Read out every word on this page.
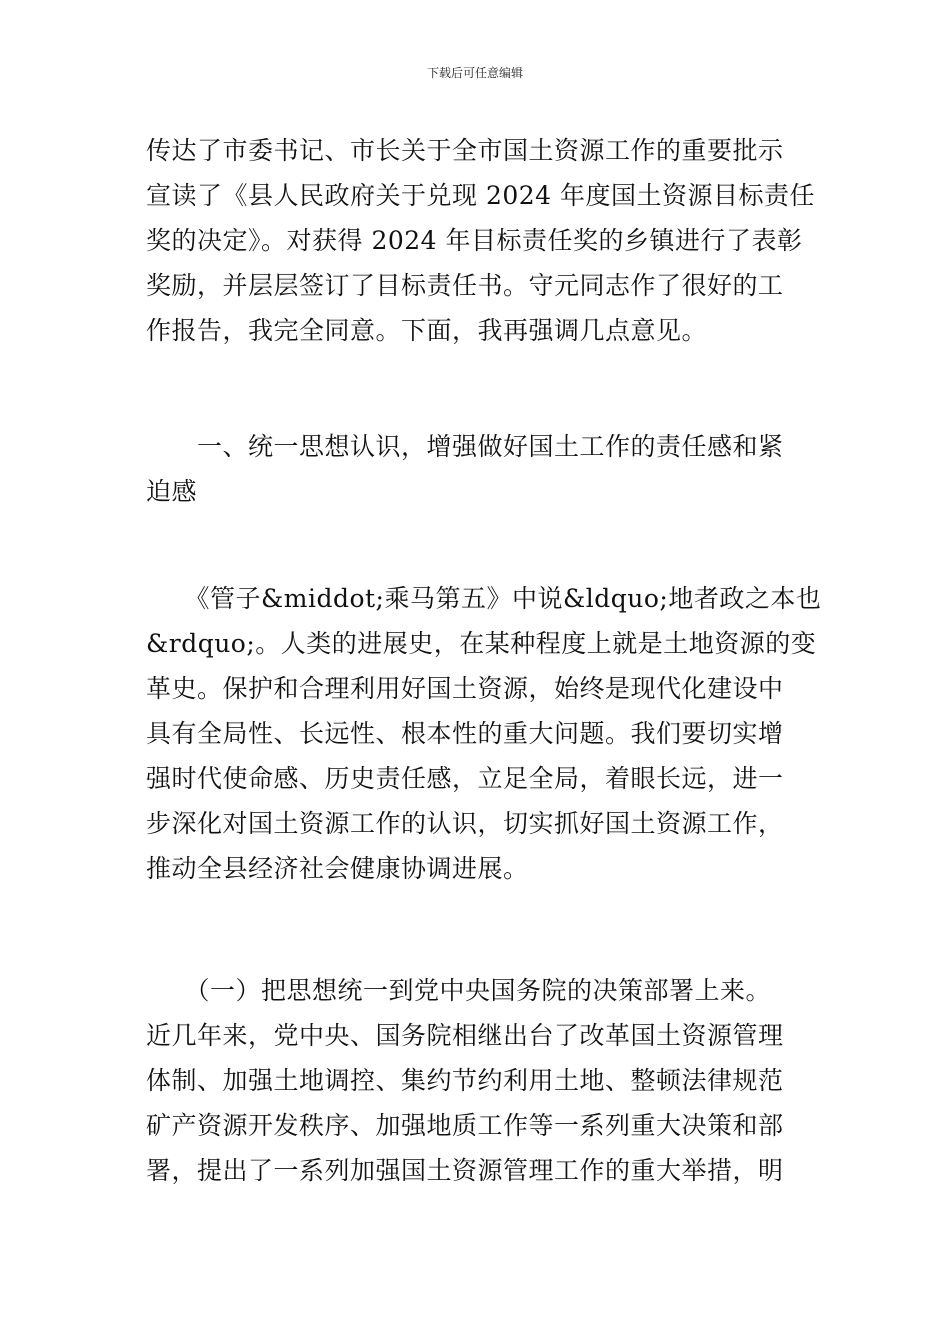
下载后可任意编辑
传达了市委书记、市长关于全市国土资源工作的重要批示
宣读了《县人民政府关于兑现 2024 年度国土资源目标责任
奖的决定》。对获得 2024 年目标责任奖的乡镇进行了表彰
奖励，并层层签订了目标责任书。守元同志作了很好的工
作报告，我完全同意。下面，我再强调几点意见。
　　一、统一思想认识，增强做好国土工作的责任感和紧
迫感
　　《管子&middot;乘马第五》中说&ldquo;地者政之本也
&rdquo;。人类的进展史，在某种程度上就是土地资源的变
革史。保护和合理利用好国土资源，始终是现代化建设中
具有全局性、长远性、根本性的重大问题。我们要切实增
强时代使命感、历史责任感，立足全局，着眼长远，进一
步深化对国土资源工作的认识，切实抓好国土资源工作，
推动全县经济社会健康协调进展。
　　（一）把思想统一到党中央国务院的决策部署上来。
近几年来，党中央、国务院相继出台了改革国土资源管理
体制、加强土地调控、集约节约利用土地、整顿法律规范
矿产资源开发秩序、加强地质工作等一系列重大决策和部
署，提出了一系列加强国土资源管理工作的重大举措，明
